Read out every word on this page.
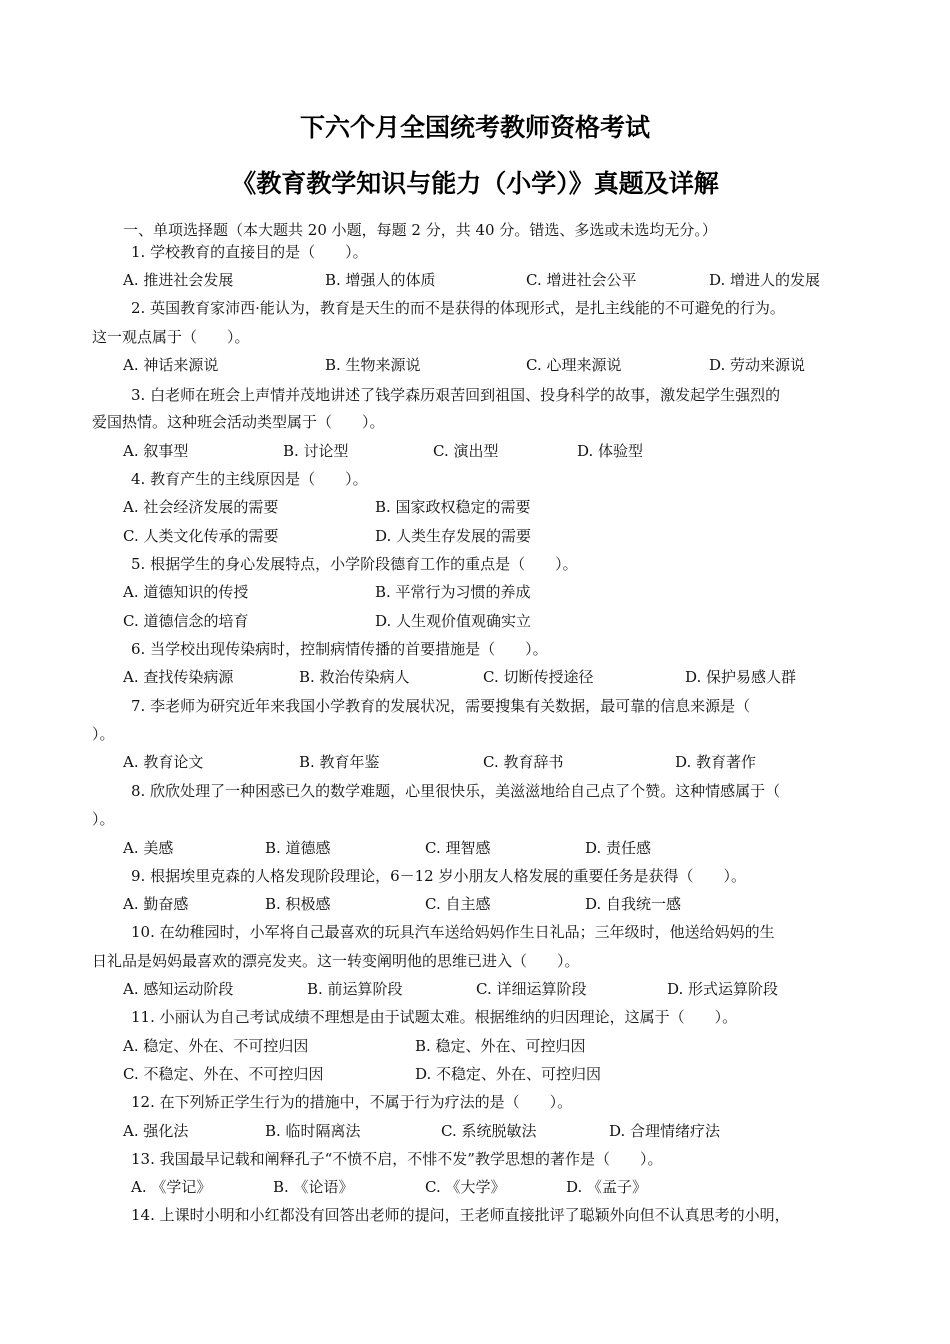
下六个月全国统考教师资格考试
《教育教学知识与能力（小学）》真题及详解
一、单项选择题（本大题共 20 小题，每题 2 分，共 40 分。错选、多选或未选均无分。）
1. 学校教育的直接目的是（　　）。
A. 推进社会发展	B. 增强人的体质	C. 增进社会公平	D. 增进人的发展
2. 英国教育家沛西·能认为，教育是天生的而不是获得的体现形式，是扎主线能的不可避免的行为。
这一观点属于（　　）。
A. 神话来源说	B. 生物来源说	C. 心理来源说	D. 劳动来源说
3. 白老师在班会上声情并茂地讲述了钱学森历艰苦回到祖国、投身科学的故事，激发起学生强烈的
爱国热情。这种班会活动类型属于（　　）。
A. 叙事型	B. 讨论型	C. 演出型	D. 体验型
4. 教育产生的主线原因是（　　）。
A. 社会经济发展的需要	B. 国家政权稳定的需要
C. 人类文化传承的需要	D. 人类生存发展的需要
5. 根据学生的身心发展特点，小学阶段德育工作的重点是（　　）。
A. 道德知识的传授	B. 平常行为习惯的养成
C. 道德信念的培育	D. 人生观价值观确实立
6. 当学校出现传染病时，控制病情传播的首要措施是（　　）。
A. 查找传染病源	B. 救治传染病人	C. 切断传授途径	D. 保护易感人群
7. 李老师为研究近年来我国小学教育的发展状况，需要搜集有关数据，最可靠的信息来源是（
）。
A. 教育论文	B. 教育年鉴	C. 教育辞书	D. 教育著作
8. 欣欣处理了一种困惑已久的数学难题，心里很快乐，美滋滋地给自己点了个赞。这种情感属于（
）。
A. 美感	B. 道德感	C. 理智感	D. 责任感
9. 根据埃里克森的人格发现阶段理论，6－12 岁小朋友人格发展的重要任务是获得（　　）。
A. 勤奋感	B. 积极感	C. 自主感	D. 自我统一感
10. 在幼稚园时，小军将自己最喜欢的玩具汽车送给妈妈作生日礼品；三年级时，他送给妈妈的生
日礼品是妈妈最喜欢的漂亮发夹。这一转变阐明他的思维已进入（　　）。
A. 感知运动阶段	B. 前运算阶段	C. 详细运算阶段	D. 形式运算阶段
11. 小丽认为自己考试成绩不理想是由于试题太难。根据维纳的归因理论，这属于（　　）。
A. 稳定、外在、不可控归因	B. 稳定、外在、可控归因
C. 不稳定、外在、不可控归因	D. 不稳定、外在、可控归因
12. 在下列矫正学生行为的措施中，不属于行为疗法的是（　　）。
A. 强化法	B. 临时隔离法	C. 系统脱敏法	D. 合理情绪疗法
13. 我国最早记载和阐释孔子“不愤不启，不悱不发”教学思想的著作是（　　）。
A. 《学记》	B. 《论语》	C. 《大学》	D. 《孟子》
14. 上课时小明和小红都没有回答出老师的提问，王老师直接批评了聪颖外向但不认真思考的小明，
